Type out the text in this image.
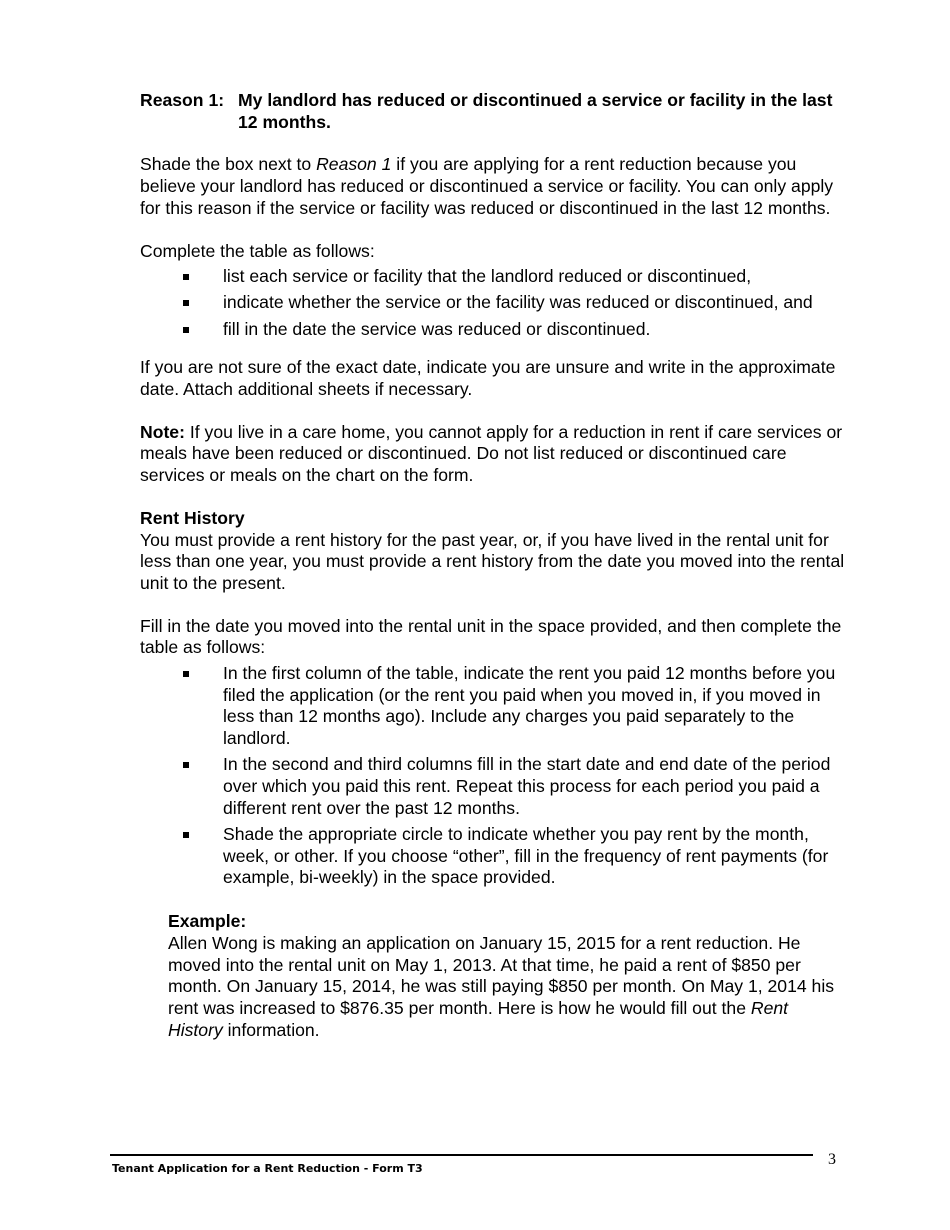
Reason 1: My landlord has reduced or discontinued a service or facility in the last 12 months.

Shade the box next to Reason 1 if you are applying for a rent reduction because you believe your landlord has reduced or discontinued a service or facility. You can only apply for this reason if the service or facility was reduced or discontinued in the last 12 months.

Complete the table as follows:

list each service or facility that the landlord reduced or discontinued,
indicate whether the service or the facility was reduced or discontinued, and
fill in the date the service was reduced or discontinued.

If you are not sure of the exact date, indicate you are unsure and write in the approximate date. Attach additional sheets if necessary.

Note: If you live in a care home, you cannot apply for a reduction in rent if care services or meals have been reduced or discontinued. Do not list reduced or discontinued care services or meals on the chart on the form.

Rent History

You must provide a rent history for the past year, or, if you have lived in the rental unit for less than one year, you must provide a rent history from the date you moved into the rental unit to the present.

Fill in the date you moved into the rental unit in the space provided, and then complete the table as follows:

In the first column of the table, indicate the rent you paid 12 months before you filed the application (or the rent you paid when you moved in, if you moved in less than 12 months ago). Include any charges you paid separately to the landlord.
In the second and third columns fill in the start date and end date of the period over which you paid this rent. Repeat this process for each period you paid a different rent over the past 12 months.
Shade the appropriate circle to indicate whether you pay rent by the month, week, or other. If you choose “other”, fill in the frequency of rent payments (for example, bi-weekly) in the space provided.
Example:

Allen Wong is making an application on January 15, 2015 for a rent reduction. He moved into the rental unit on May 1, 2013. At that time, he paid a rent of $850 per month. On January 15, 2014, he was still paying $850 per month. On May 1, 2014 his rent was increased to $876.35 per month. Here is how he would fill out the Rent History information.

Tenant Application for a Rent Reduction - Form T3
3
